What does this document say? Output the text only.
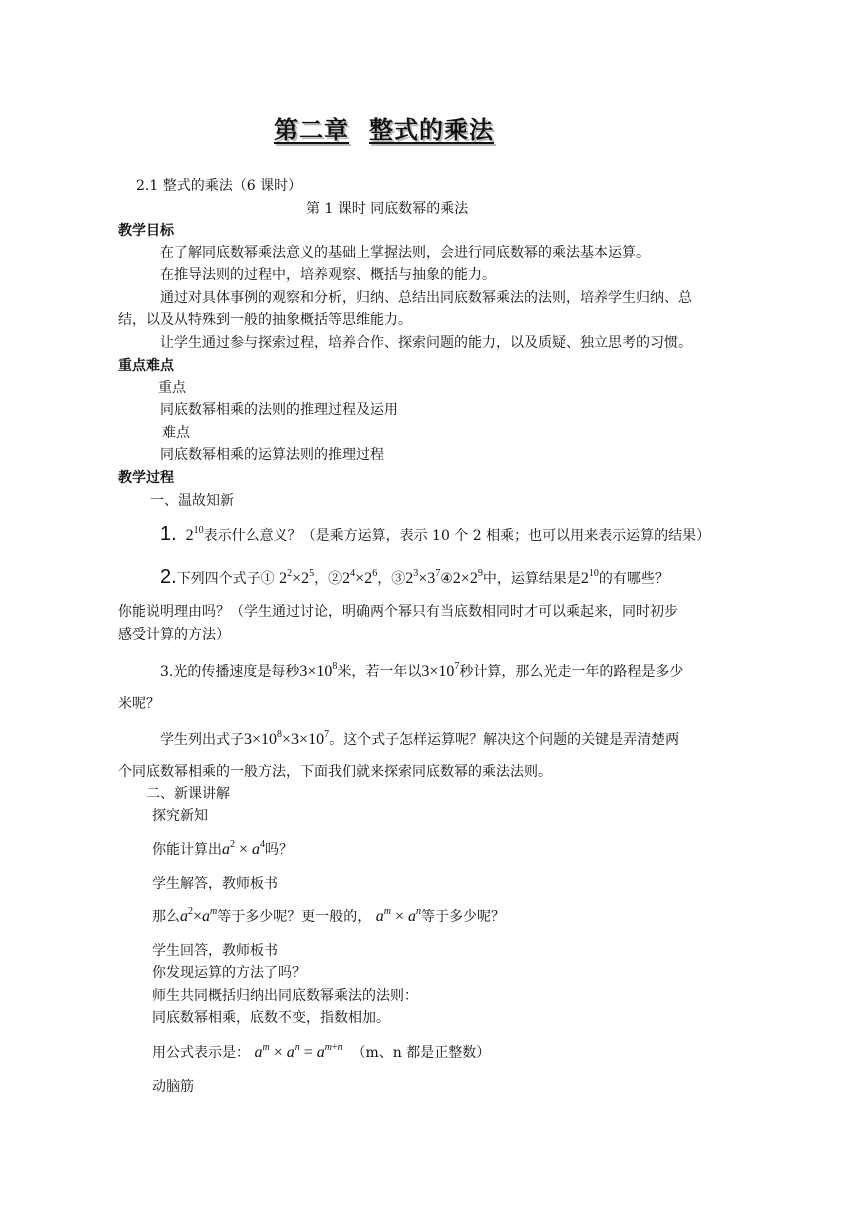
第二章 整式的乘法
2.1 整式的乘法（6 课时）
第 1 课时 同底数幂的乘法
教学目标
在了解同底数幂乘法意义的基础上掌握法则，会进行同底数幂的乘法基本运算。
在推导法则的过程中，培养观察、概括与抽象的能力。
通过对具体事例的观察和分析，归纳、总结出同底数幂乘法的法则，培养学生归纳、总
结，以及从特殊到一般的抽象概括等思维能力。
让学生通过参与探索过程，培养合作、探索问题的能力，以及质疑、独立思考的习惯。
重点难点
重点
同底数幂相乘的法则的推理过程及运用
难点
同底数幂相乘的运算法则的推理过程
教学过程
一、温故知新
1. $2^{10}$表示什么意义？（是乘方运算，表示 10 个 2 相乘；也可以用来表示运算的结果）
2.下列四个式子① $2^2\times 2^5$，$②2^4\times 2^6$，$③2^3\times 3^7④2\times 2^9$中，运算结果是$2^{10}$的有哪些？
你能说明理由吗？（学生通过讨论，明确两个幂只有当底数相同时才可以乘起来，同时初步
感受计算的方法）
3.光的传播速度是每秒$3\times 10^8$米，若一年以$3\times 10^7$秒计算，那么光走一年的路程是多少
米呢？
学生列出式子$3\times 10^8\times 3\times 10^7$。这个式子怎样运算呢？解决这个问题的关键是弄清楚两
个同底数幂相乘的一般方法，下面我们就来探索同底数幂的乘法法则。
二、新课讲解
探究新知
你能计算出$a^2 \times a^4$吗？
学生解答，教师板书
那么$a^2\times a^m$等于多少呢？更一般的， $a^m \times a^n$等于多少呢？
学生回答，教师板书
你发现运算的方法了吗？
师生共同概括归纳出同底数幂乘法的法则：
同底数幂相乘，底数不变，指数相加。
用公式表示是： $a^m \times a^n = a^{m+n}$ （m、n 都是正整数）
动脑筋
